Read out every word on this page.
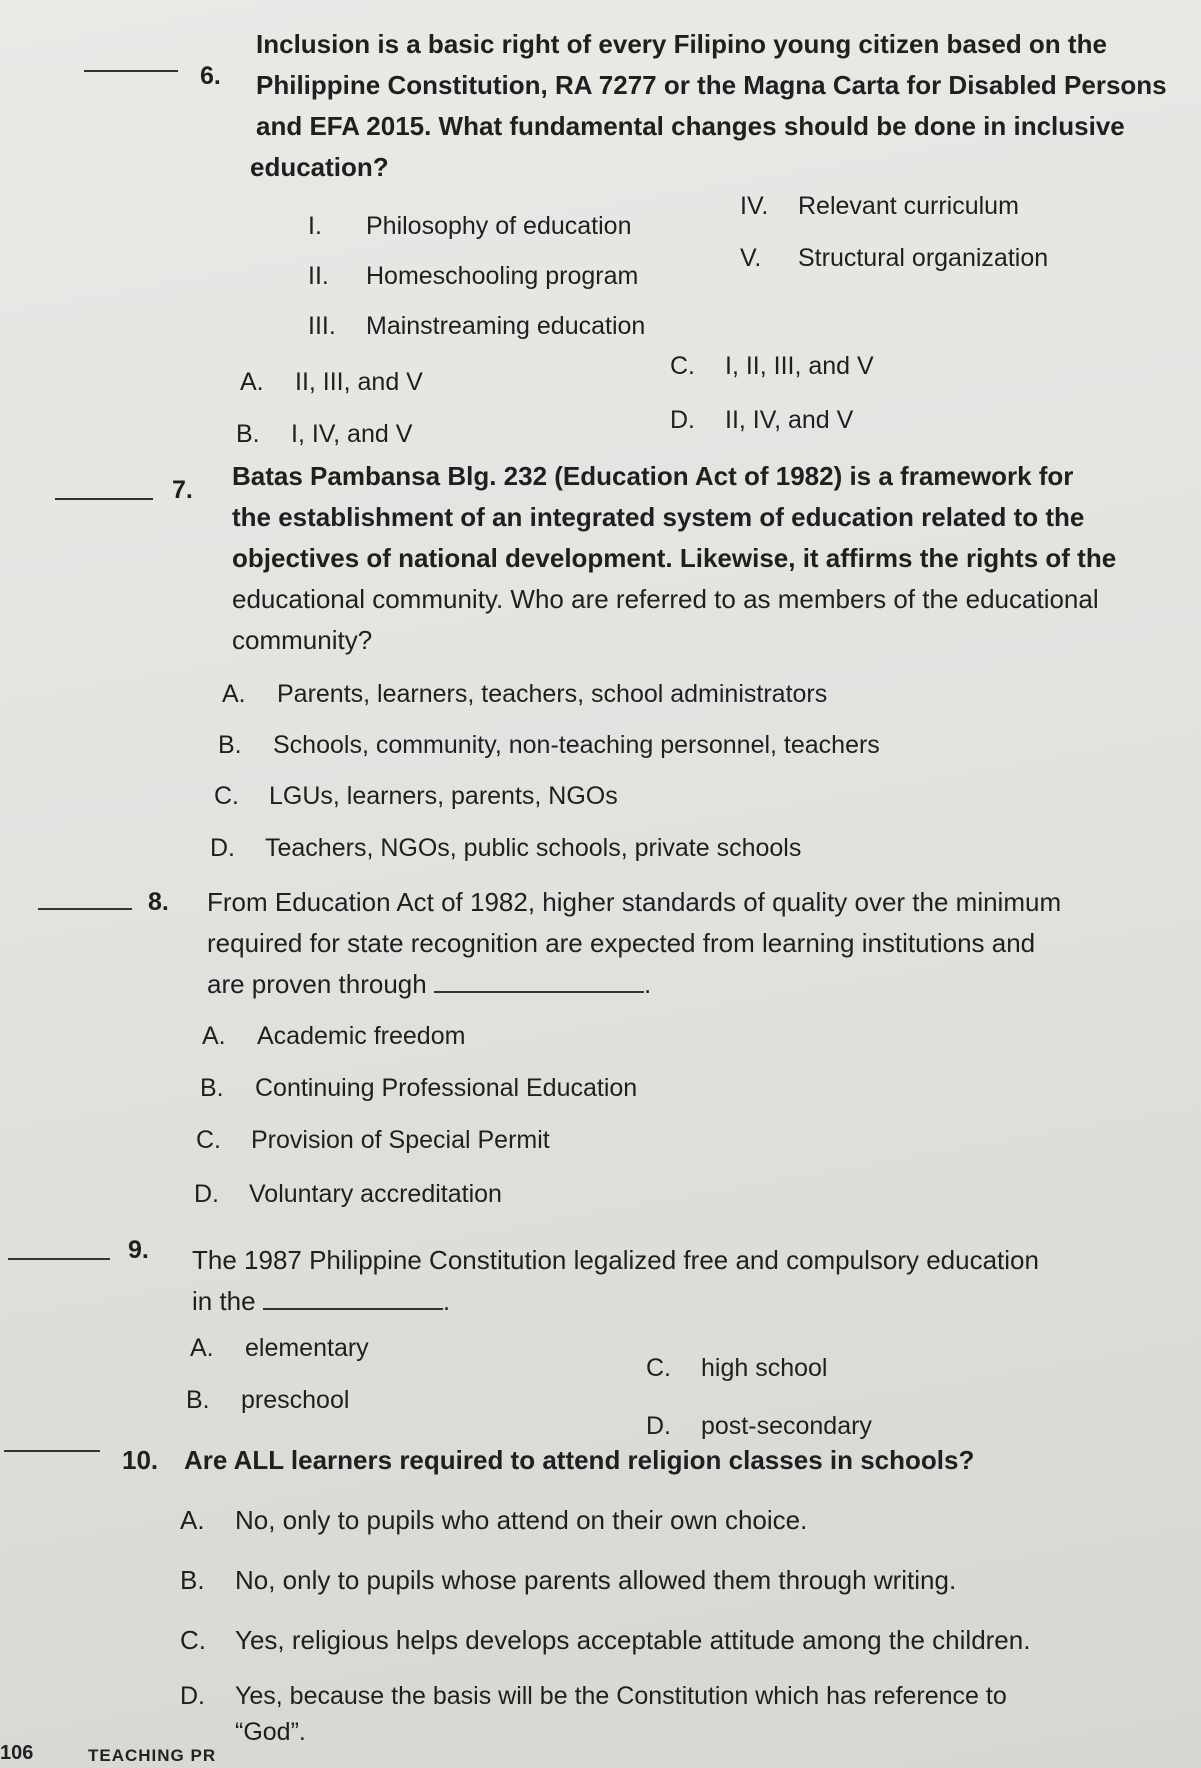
6.
Inclusion is a basic right of every Filipino young citizen based on the
Philippine Constitution, RA 7277 or the Magna Carta for Disabled Persons
and EFA 2015. What fundamental changes should be done in inclusive
education?
I. Philosophy of education
II. Homeschooling program
III. Mainstreaming education
IV. Relevant curriculum
V. Structural organization
A. II, III, and V
B. I, IV, and V
C. I, II, III, and V
D. II, IV, and V
7. Batas Pambansa Blg. 232 (Education Act of 1982) is a framework for
the establishment of an integrated system of education related to the
objectives of national development. Likewise, it affirms the rights of the
educational community. Who are referred to as members of the educational
community?
A. Parents, learners, teachers, school administrators
B. Schools, community, non-teaching personnel, teachers
C. LGUs, learners, parents, NGOs
D. Teachers, NGOs, public schools, private schools
8. From Education Act of 1982, higher standards of quality over the minimum
required for state recognition are expected from learning institutions and
are proven through	.
A. Academic freedom
B. Continuing Professional Education
C. Provision of Special Permit
D. Voluntary accreditation
9. The 1987 Philippine Constitution legalized free and compulsory education
in the	.
A. elementary
B. preschool
C. high school
D. post-secondary
10. Are ALL learners required to attend religion classes in schools?
A. No, only to pupils who attend on their own choice.
B. No, only to pupils whose parents allowed them through writing.
C. Yes, religious helps develops acceptable attitude among the children.
D. Yes, because the basis will be the Constitution which has reference to
“God”.
106	TEACHING PR
